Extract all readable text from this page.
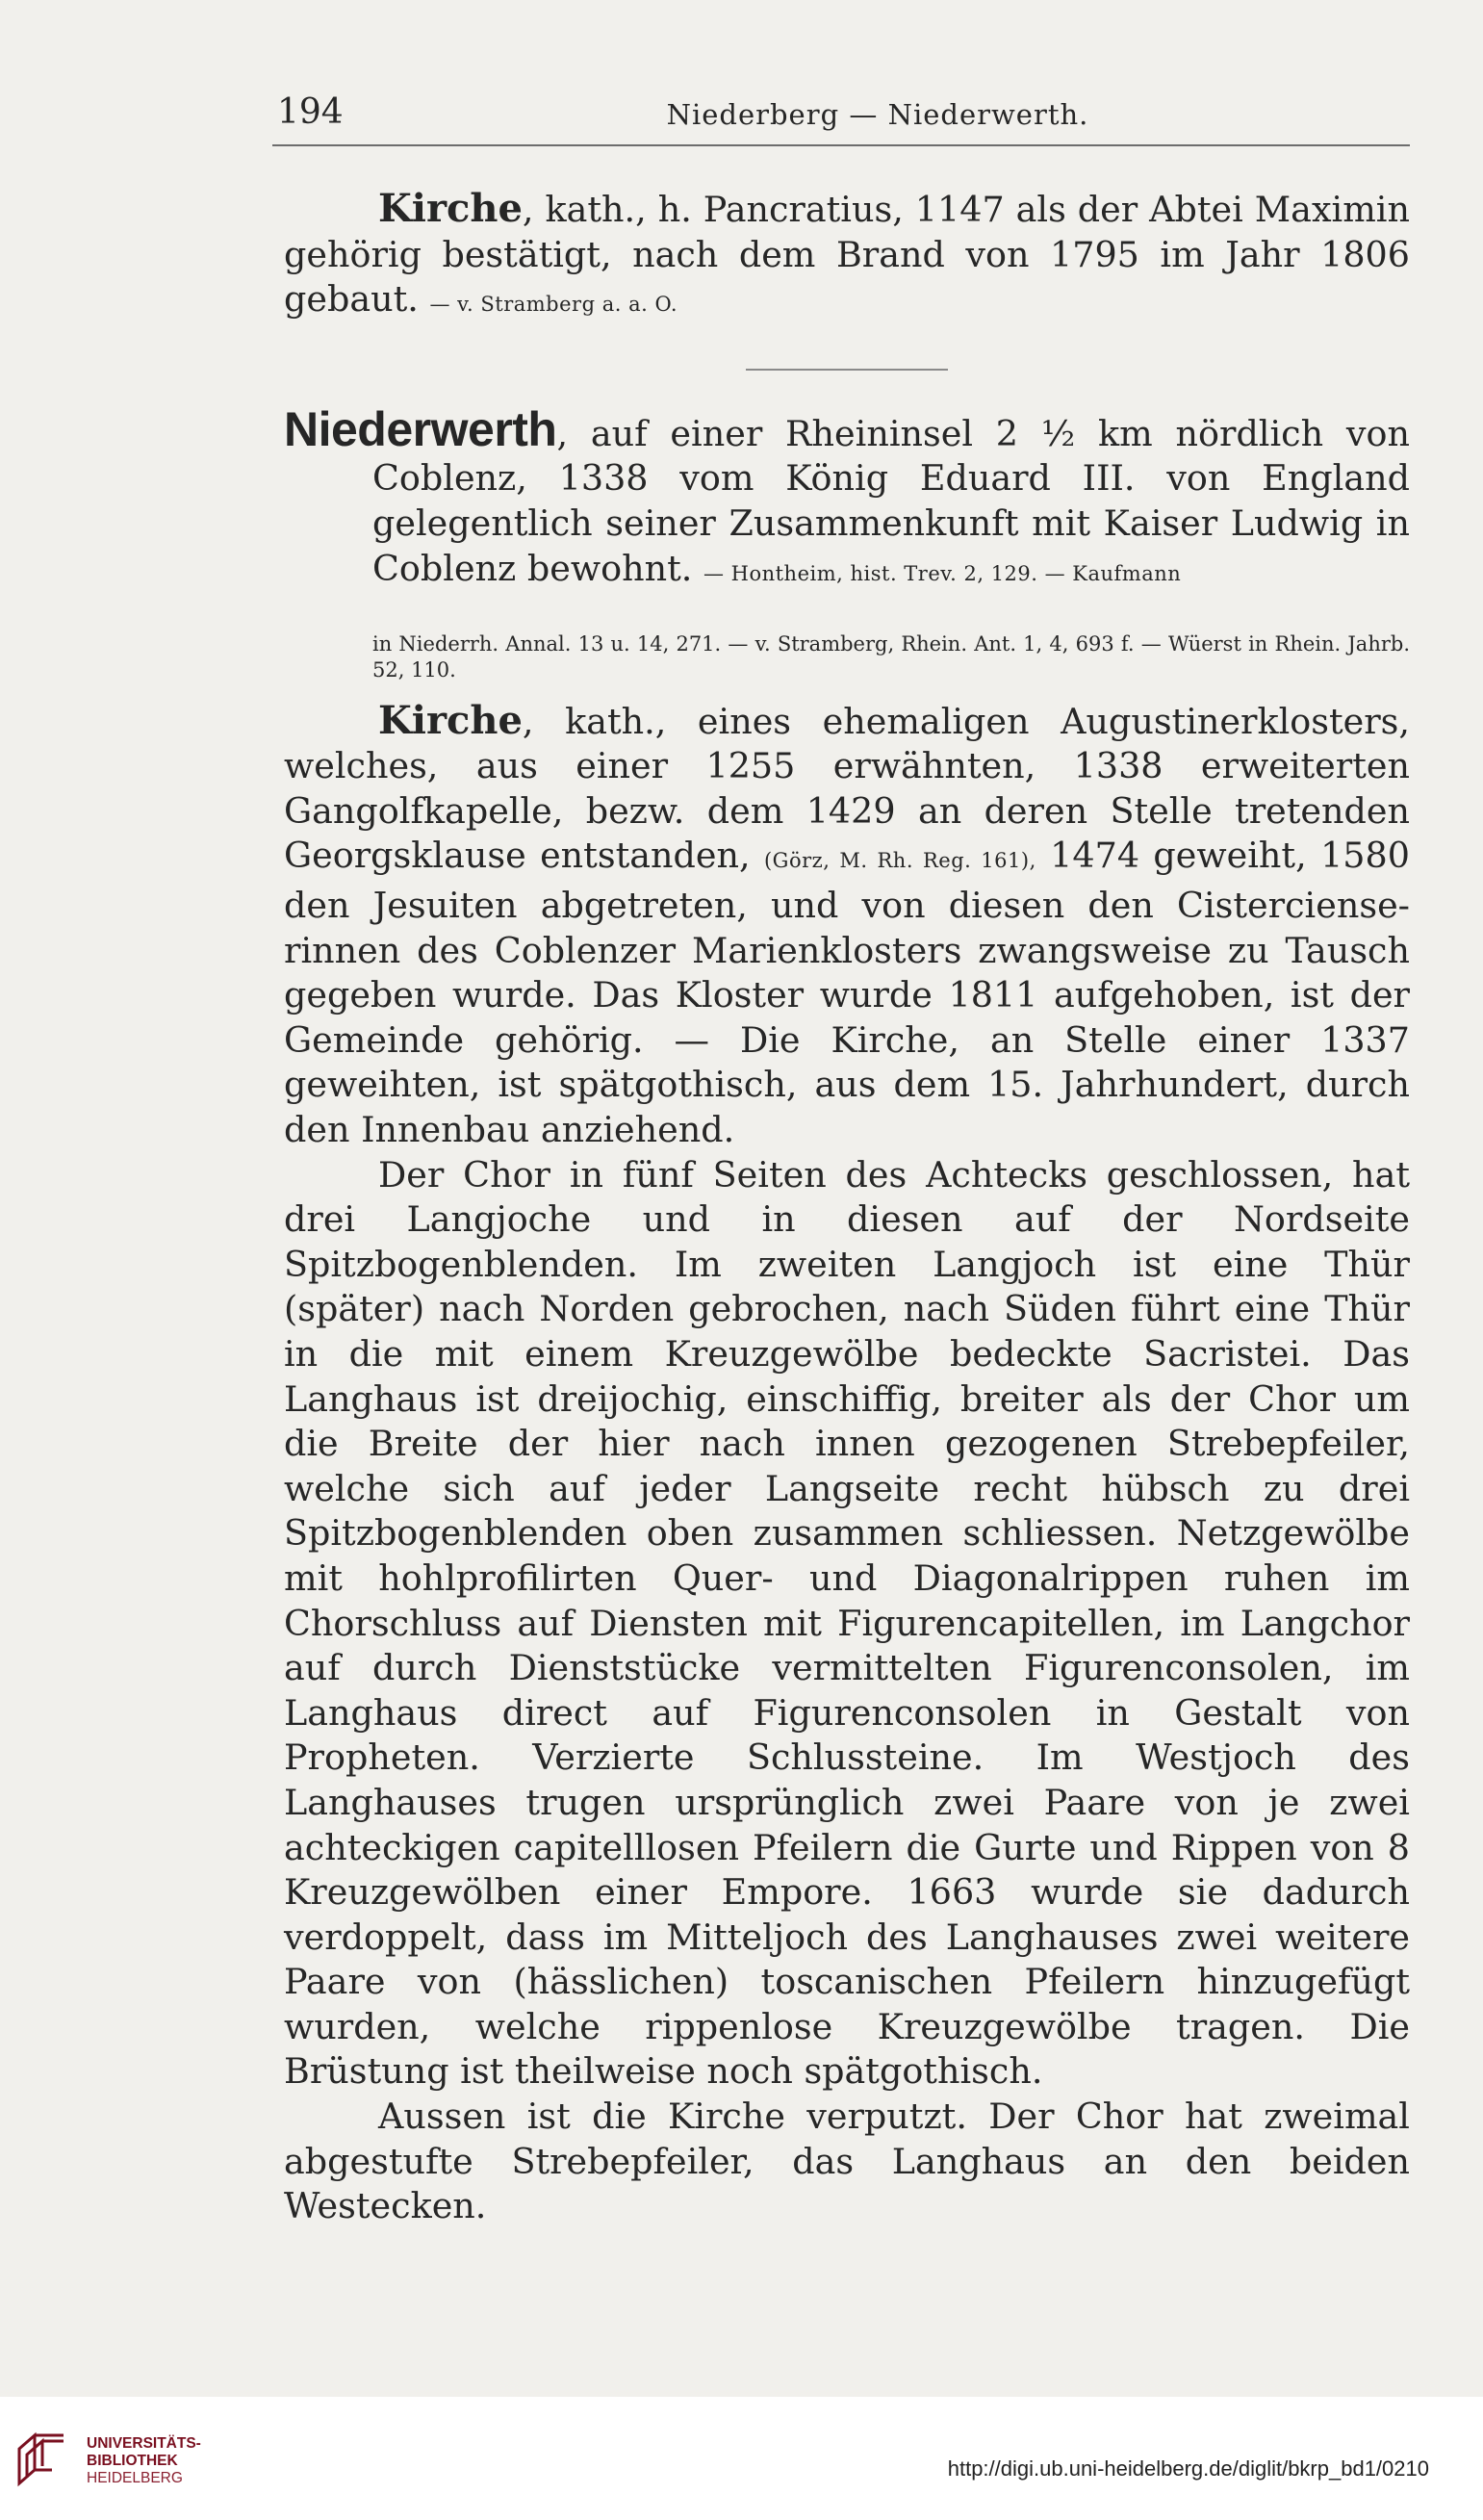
194	Niederberg — Niederwerth.

Kirche, kath., h. Pancratius, 1147 als der Abtei Maximin gehörig bestätigt, nach dem Brand von 1795 im Jahr 1806 gebaut. — v. Stramberg a. a. O.

Niederwerth, auf einer Rheininsel 2 ½ km nördlich von Coblenz, 1338 vom König Eduard III. von England gelegentlich seiner Zusammenkunft mit Kaiser Ludwig in Coblenz bewohnt. — Hontheim, hist. Trev. 2, 129. — Kaufmann

in Niederrh. Annal. 13 u. 14, 271. — v. Stramberg, Rhein. Ant. 1, 4, 693 f. — Wüerst in Rhein. Jahrb. 52, 110.

Kirche, kath., eines ehemaligen Augustinerklosters, welches, aus einer 1255 erwähnten, 1338 erweiterten Gangolfkapelle, bezw. dem 1429 an deren Stelle tretenden Georgsklause entstanden, (Görz, M. Rh. Reg. 161), 1474 geweiht, 1580 den Jesuiten abgetreten, und von diesen den Cisterciense-rinnen des Coblenzer Marienklosters zwangsweise zu Tausch gegeben wurde. Das Kloster wurde 1811 aufgehoben, ist der Gemeinde gehörig. — Die Kirche, an Stelle einer 1337 geweihten, ist spätgothisch, aus dem 15. Jahrhundert, durch den Innenbau anziehend.

Der Chor in fünf Seiten des Achtecks geschlossen, hat drei Langjoche und in diesen auf der Nordseite Spitzbogenblenden. Im zweiten Langjoch ist eine Thür (später) nach Norden gebrochen, nach Süden führt eine Thür in die mit einem Kreuzgewölbe bedeckte Sacristei. Das Langhaus ist dreijochig, einschiffig, breiter als der Chor um die Breite der hier nach innen gezogenen Strebepfeiler, welche sich auf jeder Langseite recht hübsch zu drei Spitzbogenblenden oben zusammen schliessen. Netzgewölbe mit hohlprofilirten Quer- und Diagonalrippen ruhen im Chorschluss auf Diensten mit Figurencapitellen, im Langchor auf durch Dienststücke vermittelten Figurenconsolen, im Langhaus direct auf Figurenconsolen in Gestalt von Propheten. Verzierte Schlussteine. Im Westjoch des Langhauses trugen ursprünglich zwei Paare von je zwei achteckigen capitelllosen Pfeilern die Gurte und Rippen von 8 Kreuzgewölben einer Empore. 1663 wurde sie dadurch verdoppelt, dass im Mitteljoch des Langhauses zwei weitere Paare von (hässlichen) toscanischen Pfeilern hinzugefügt wurden, welche rippenlose Kreuzgewölbe tragen. Die Brüstung ist theilweise noch spätgothisch.

Aussen ist die Kirche verputzt. Der Chor hat zweimal abgestufte Strebepfeiler, das Langhaus an den beiden Westecken.

UNIVERSITÄTS-
BIBLIOTHEK
HEIDELBERG	http://digi.ub.uni-heidelberg.de/diglit/bkrp_bd1/0210
